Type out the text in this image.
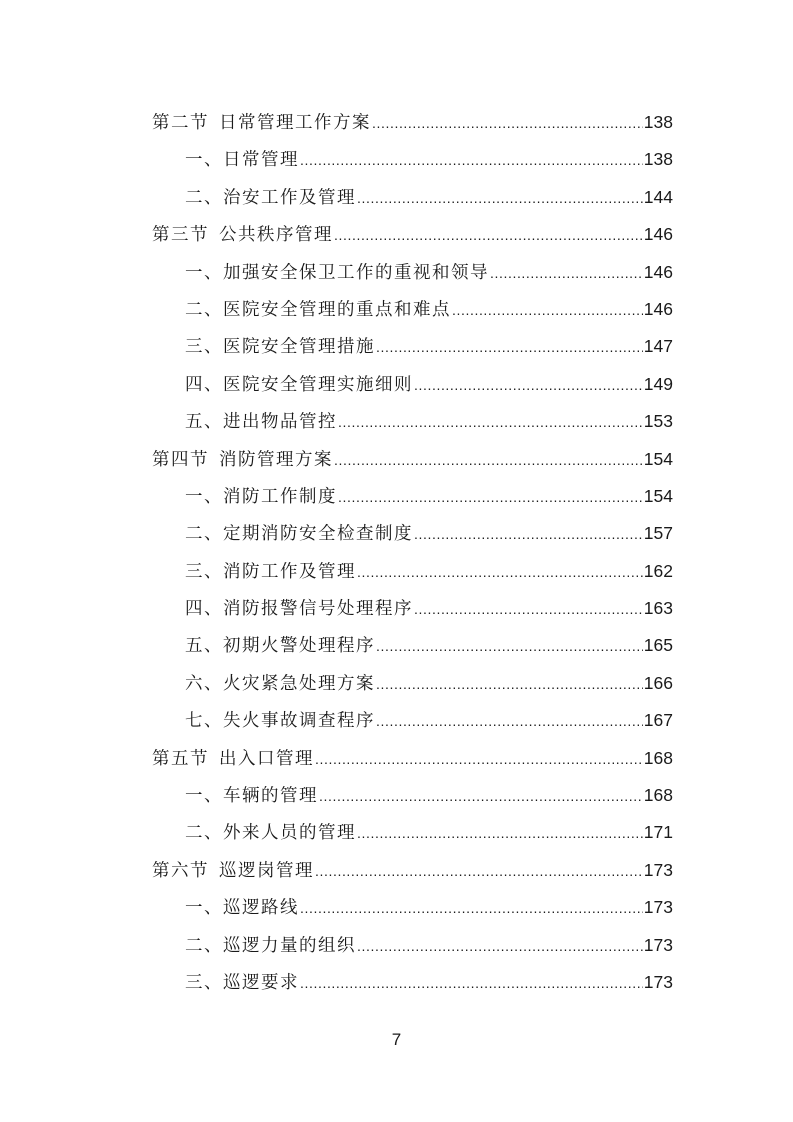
第二节 日常管理工作方案 .....	138
一、日常管理 .....	138
二、治安工作及管理 .....	144
第三节 公共秩序管理 .....	146
一、加强安全保卫工作的重视和领导 .....	146
二、医院安全管理的重点和难点 .....	146
三、医院安全管理措施 .....	147
四、医院安全管理实施细则 .....	149
五、进出物品管控 .....	153
第四节 消防管理方案 .....	154
一、消防工作制度 .....	154
二、定期消防安全检查制度 .....	157
三、消防工作及管理 .....	162
四、消防报警信号处理程序 .....	163
五、初期火警处理程序 .....	165
六、火灾紧急处理方案 .....	166
七、失火事故调查程序 .....	167
第五节 出入口管理 .....	168
一、车辆的管理 .....	168
二、外来人员的管理 .....	171
第六节 巡逻岗管理 .....	173
一、巡逻路线 .....	173
二、巡逻力量的组织 .....	173
三、巡逻要求 .....	173
7
